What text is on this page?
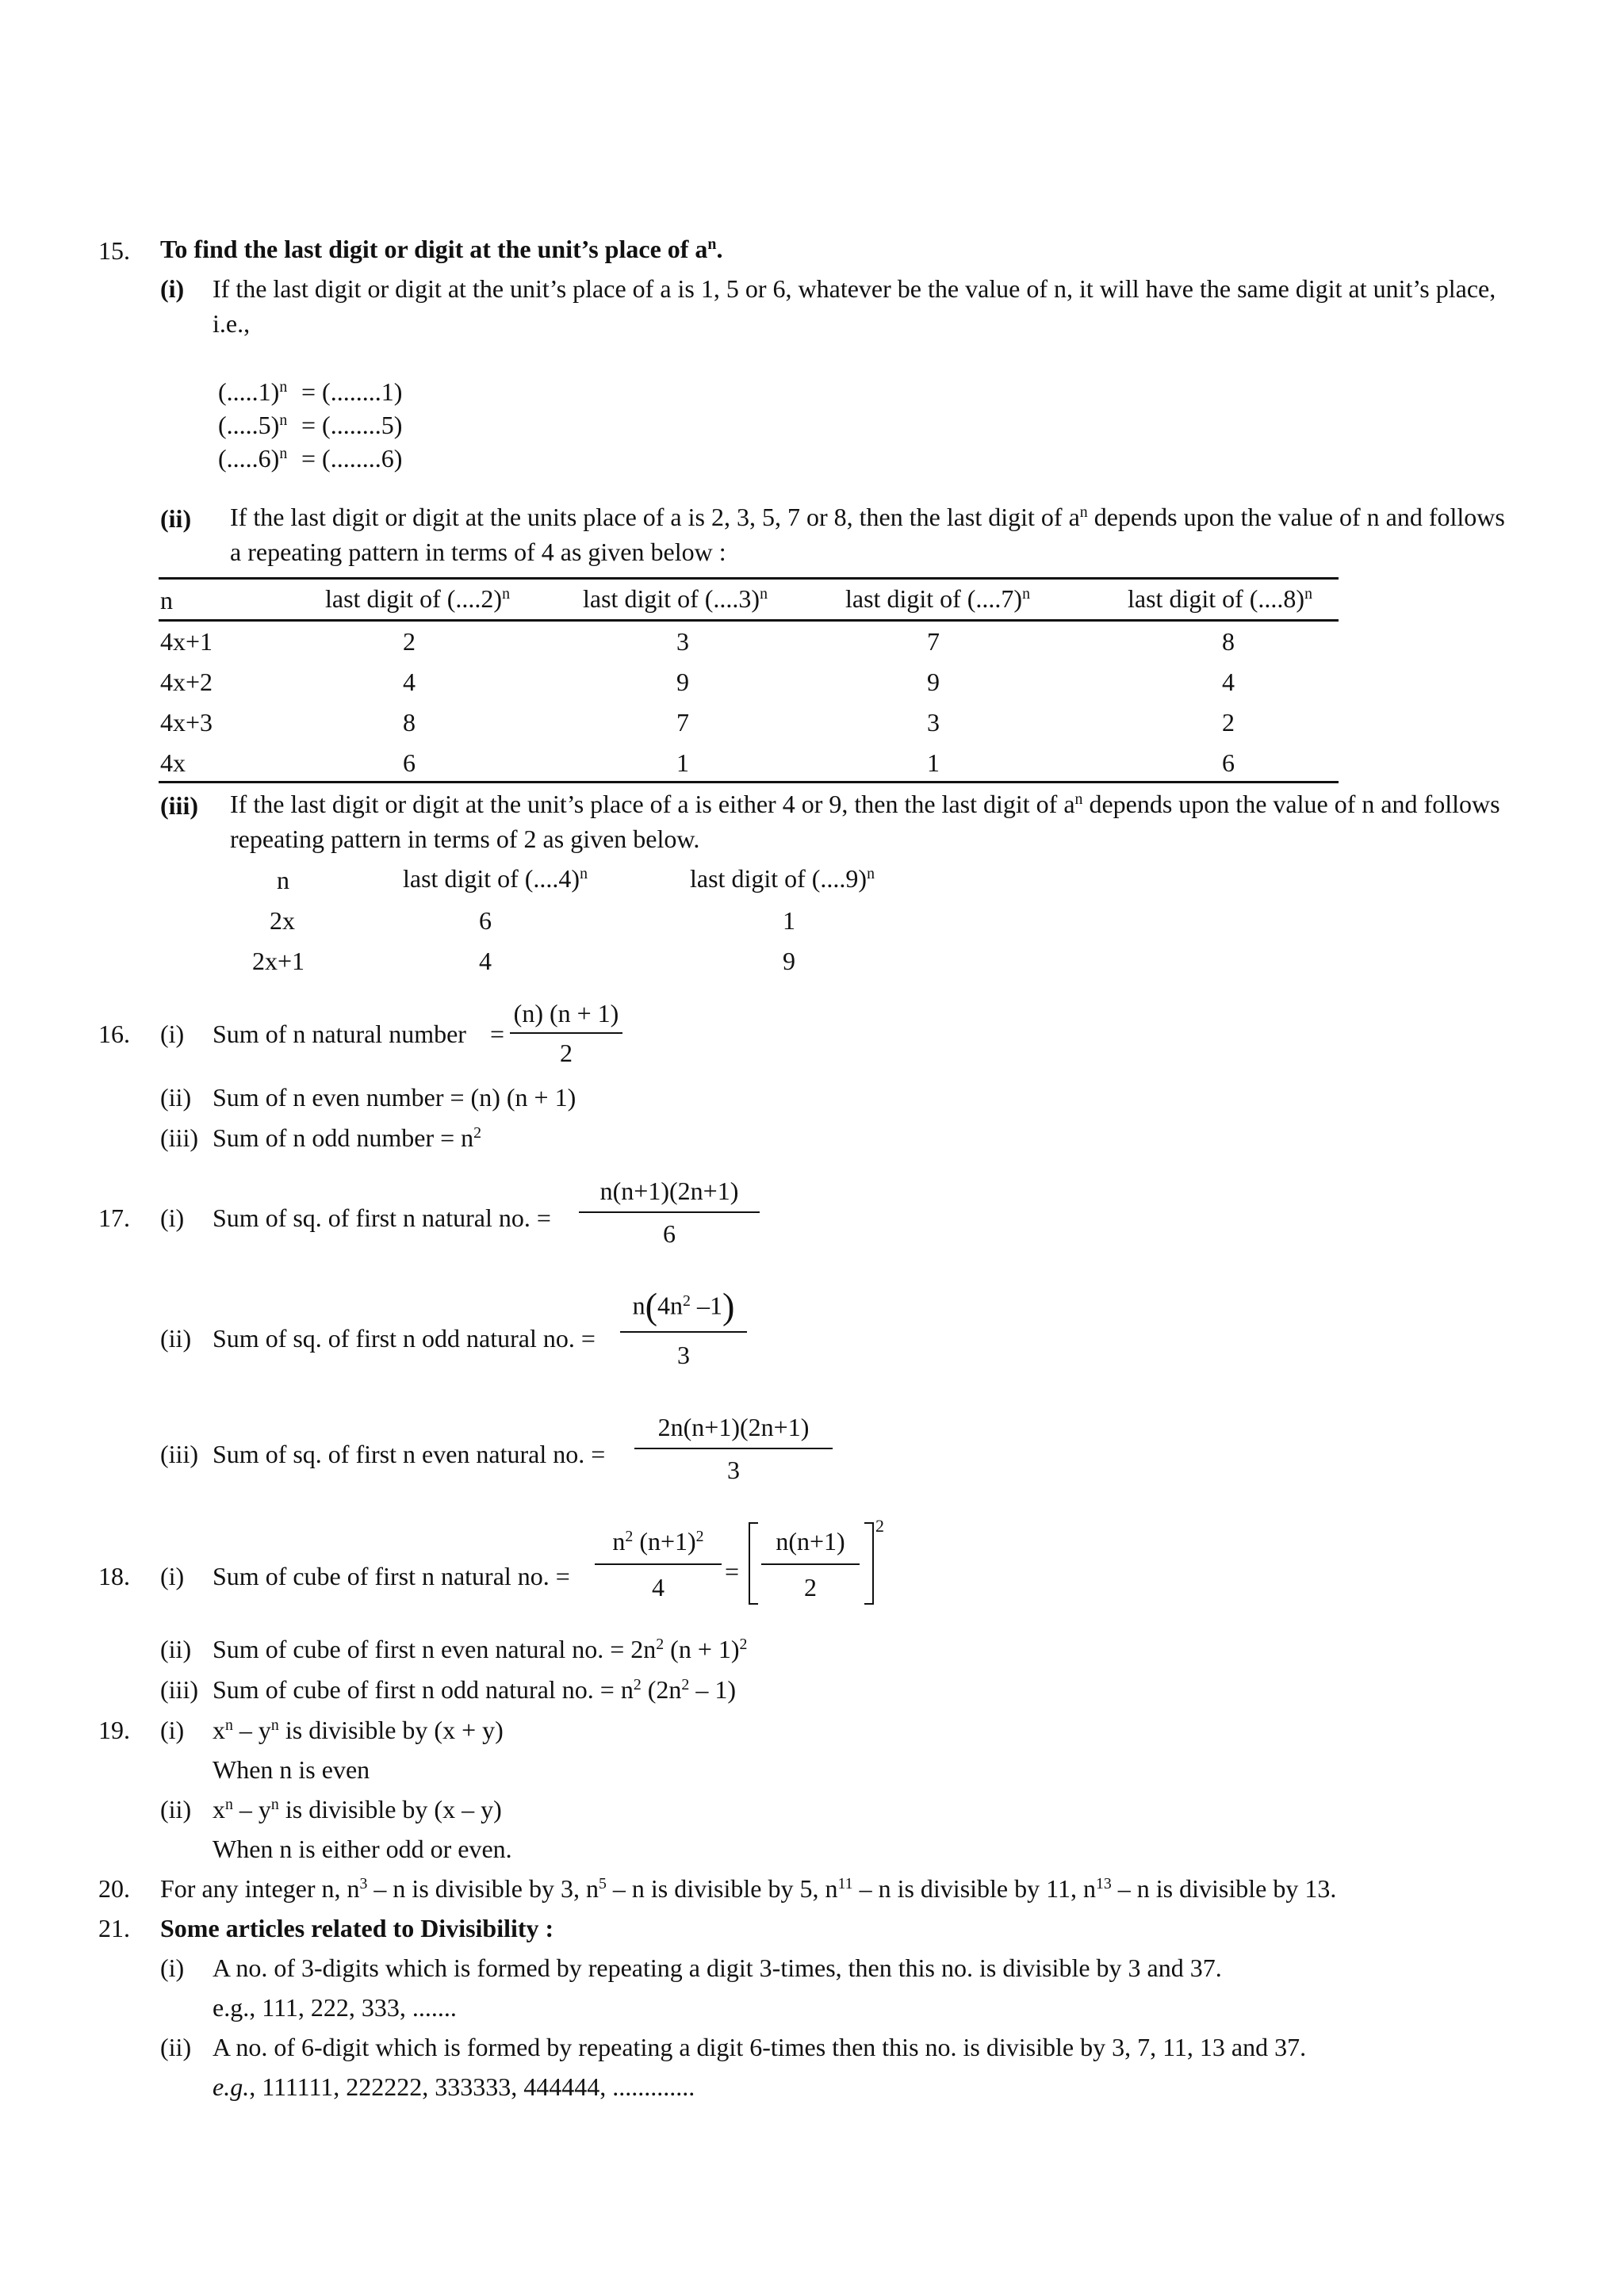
15. To find the last digit or digit at the unit’s place of $a^n$.
(i) If the last digit or digit at the unit’s place of a is 1, 5 or 6, whatever be the value of n, it will have the same digit at unit’s place,
i.e.,
$(.....1)^n = (........1)$
$(.....5)^n = (........5)$
$(.....6)^n = (........6)$
(ii) If the last digit or digit at the units place of a is 2, 3, 5, 7 or 8, then the last digit of $a^n$ depends upon the value of n and follows
a repeating pattern in terms of 4 as given below :
n	last digit of $(....2)^n$	last digit of $(....3)^n$	last digit of $(....7)^n$	last digit of $(....8)^n$
4x+1	2	3	7	8
4x+2	4	9	9	4
4x+3	8	7	3	2
4x	6	1	1	6
(iii) If the last digit or digit at the unit’s place of a is either 4 or 9, then the last digit of $a^n$ depends upon the value of n and follows
repeating pattern in terms of 2 as given below.
n	last digit of $(....4)^n$	last digit of $(....9)^n$
2x	6	1
2x+1	4	9
16. (i) Sum of n natural number =
(n) (n + 1)
2
(ii) Sum of n even number = (n) (n + 1)
(iii) Sum of n odd number = $n^2$
17. (i) Sum of sq. of first n natural no. =
n(n+1)(2n+1)
6
(ii) Sum of sq. of first n odd natural no. =
$n(4n^2$ –1)
3
(iii) Sum of sq. of first n even natural no. =
2n(n+1)(2n+1)
3
18. (i) Sum of cube of first n natural no. =
$n^2$ $(n+1)^2$
4
=
n(n+1)
2
2
(ii) Sum of cube of first n even natural no. = $2n^2$ $(n + 1)^2$
(iii) Sum of cube of first n odd natural no. = $n^2$ $(2n^2 - 1)$
19. (i) $x^n - y^n$ is divisible by (x + y)
When n is even
(ii) $x^n - y^n$ is divisible by (x – y)
When n is either odd or even.
20. For any integer n, $n^3$ – n is divisible by 3, $n^5$ – n is divisible by 5, $n^{11}$ – n is divisible by 11, $n^{13}$ – n is divisible by 13.
21. Some articles related to Divisibility :
(i) A no. of 3-digits which is formed by repeating a digit 3-times, then this no. is divisible by 3 and 37.
e.g., 111, 222, 333, .......
(ii) A no. of 6-digit which is formed by repeating a digit 6-times then this no. is divisible by 3, 7, 11, 13 and 37.
e.g., 111111, 222222, 333333, 444444, .............
